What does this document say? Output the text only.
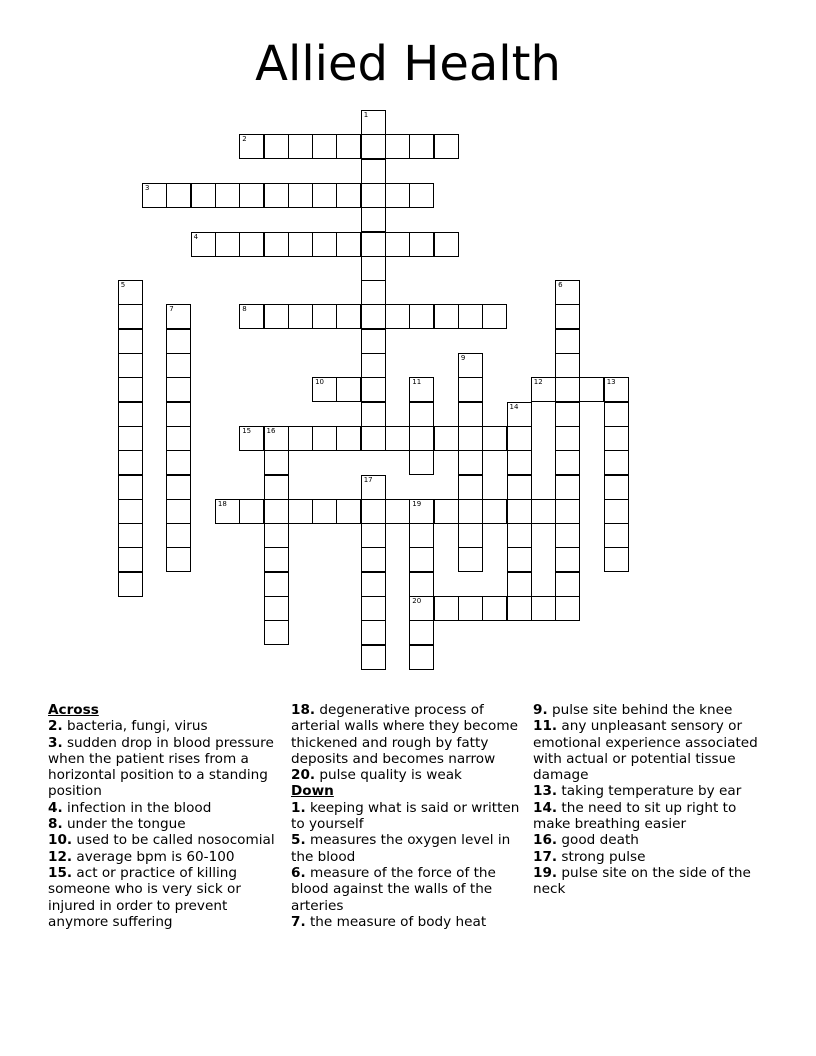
Allied Health
1
2
3
4
5	6
7	8
9
10	11	12	13
14
15 16
17
18	19
20
Across
2. bacteria, fungi, virus
3. sudden drop in blood pressure when the patient rises from a horizontal position to a standing position
4. infection in the blood
8. under the tongue
10. used to be called nosocomial
12. average bpm is 60-100
15. act or practice of killing someone who is very sick or injured in order to prevent anymore suffering
18. degenerative process of arterial walls where they become thickened and rough by fatty deposits and becomes narrow
20. pulse quality is weak
Down
1. keeping what is said or written to yourself
5. measures the oxygen level in the blood
6. measure of the force of the blood against the walls of the arteries
7. the measure of body heat
9. pulse site behind the knee
11. any unpleasant sensory or emotional experience associated with actual or potential tissue damage
13. taking temperature by ear
14. the need to sit up right to make breathing easier
16. good death
17. strong pulse
19. pulse site on the side of the neck
